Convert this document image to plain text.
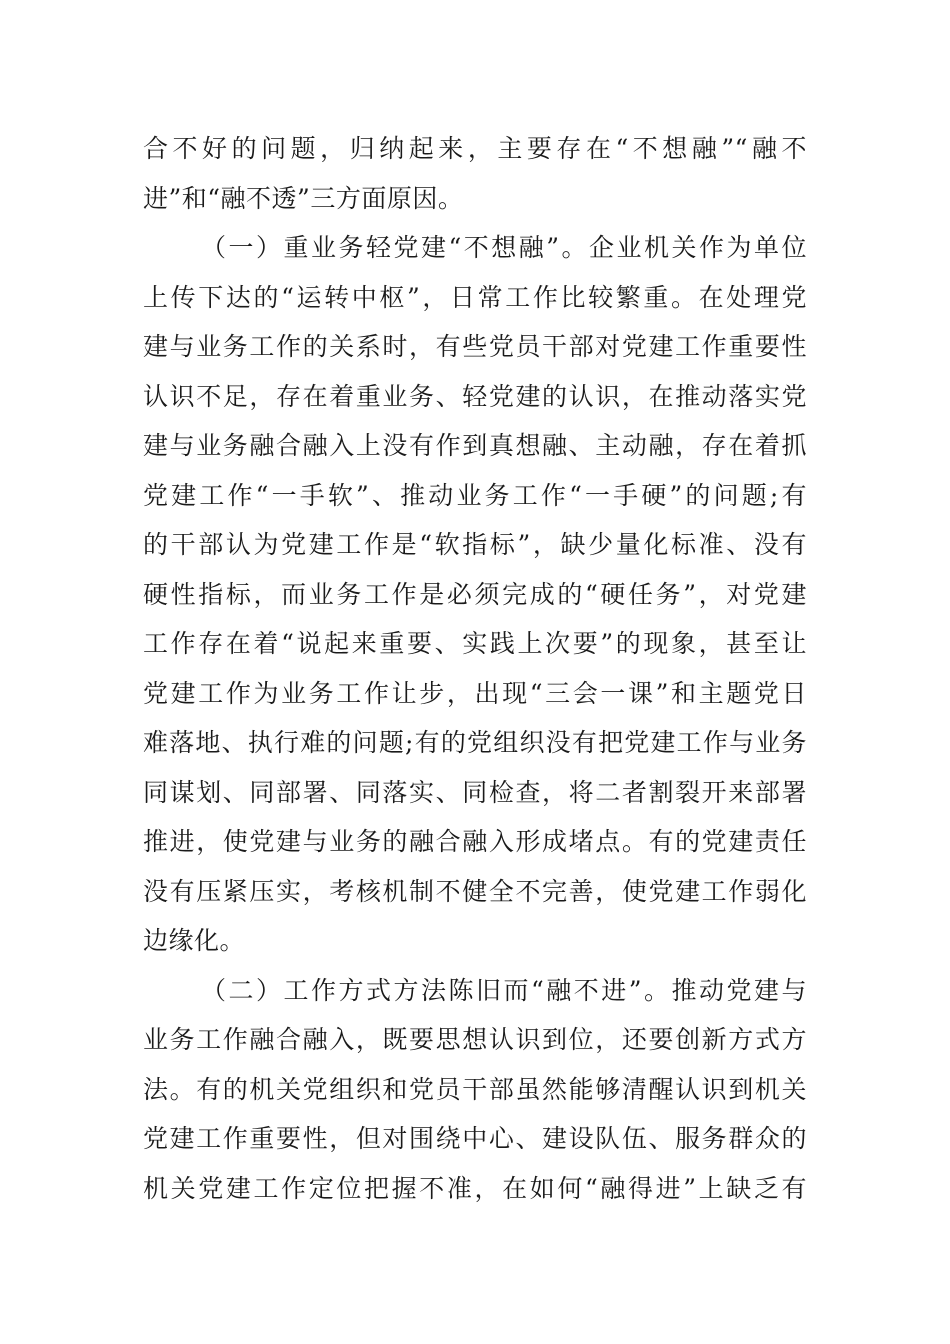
合不好的问题，归纳起来，主要存在“不想融”“融不
进”和“融不透”三方面原因。
（一）重业务轻党建“不想融”。企业机关作为单位
上传下达的“运转中枢”，日常工作比较繁重。在处理党
建与业务工作的关系时，有些党员干部对党建工作重要性
认识不足，存在着重业务、轻党建的认识，在推动落实党
建与业务融合融入上没有作到真想融、主动融，存在着抓
党建工作“一手软”、推动业务工作“一手硬”的问题;有
的干部认为党建工作是“软指标”，缺少量化标准、没有
硬性指标，而业务工作是必须完成的“硬任务”，对党建
工作存在着“说起来重要、实践上次要”的现象，甚至让
党建工作为业务工作让步，出现“三会一课”和主题党日
难落地、执行难的问题;有的党组织没有把党建工作与业务
同谋划、同部署、同落实、同检查，将二者割裂开来部署
推进，使党建与业务的融合融入形成堵点。有的党建责任
没有压紧压实，考核机制不健全不完善，使党建工作弱化
边缘化。
（二）工作方式方法陈旧而“融不进”。推动党建与
业务工作融合融入，既要思想认识到位，还要创新方式方
法。有的机关党组织和党员干部虽然能够清醒认识到机关
党建工作重要性，但对围绕中心、建设队伍、服务群众的
机关党建工作定位把握不准，在如何“融得进”上缺乏有
